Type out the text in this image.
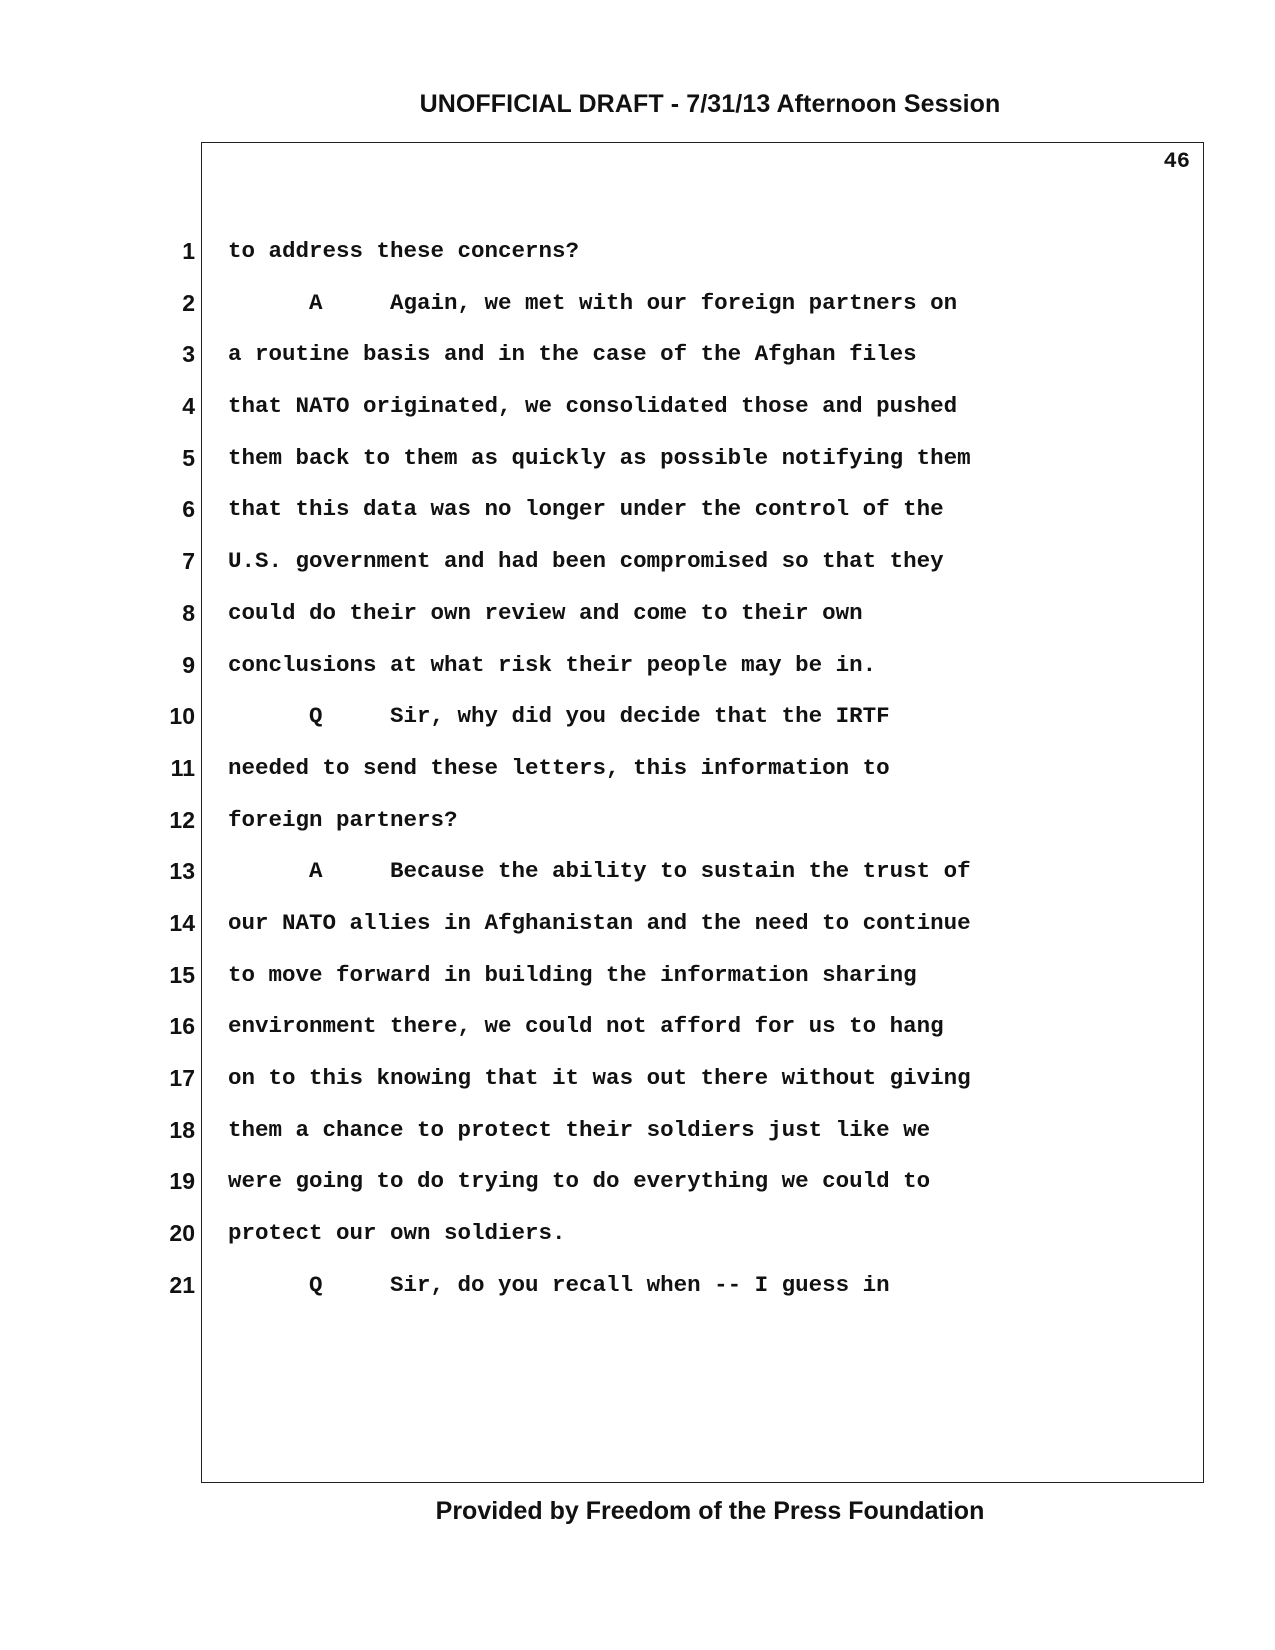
UNOFFICIAL DRAFT - 7/31/13 Afternoon Session
46
1
2
3
4
5
6
7
8
9
10
11
12
13
14
15
16
17
18
19
20
21
to address these concerns?
A     Again, we met with our foreign partners on
a routine basis and in the case of the Afghan files
that NATO originated, we consolidated those and pushed
them back to them as quickly as possible notifying them
that this data was no longer under the control of the
U.S. government and had been compromised so that they
could do their own review and come to their own
conclusions at what risk their people may be in.
Q     Sir, why did you decide that the IRTF
needed to send these letters, this information to
foreign partners?
A     Because the ability to sustain the trust of
our NATO allies in Afghanistan and the need to continue
to move forward in building the information sharing
environment there, we could not afford for us to hang
on to this knowing that it was out there without giving
them a chance to protect their soldiers just like we
were going to do trying to do everything we could to
protect our own soldiers.
Q     Sir, do you recall when -- I guess in
Provided by Freedom of the Press Foundation
